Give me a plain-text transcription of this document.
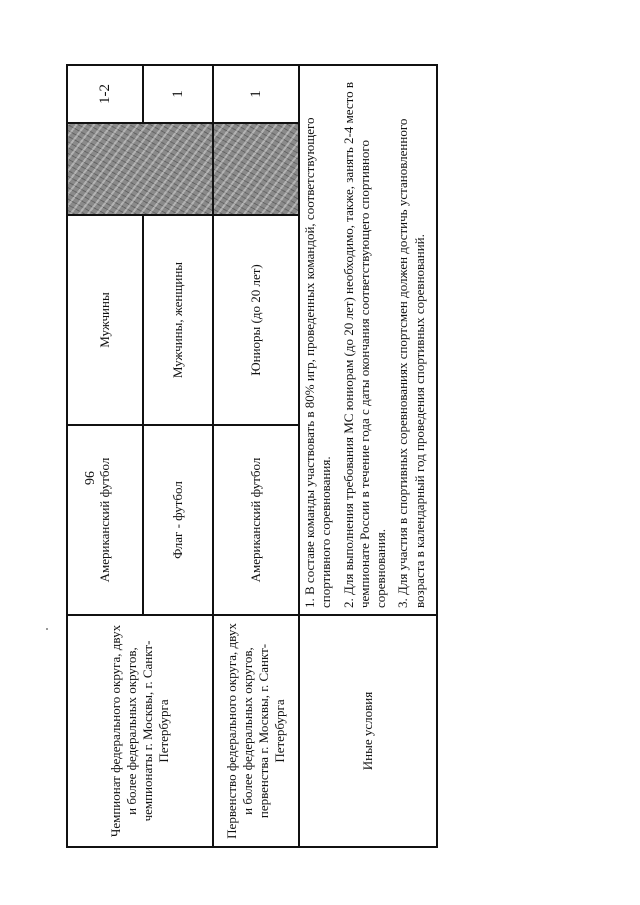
96
Чемпионат федерального округа, двух и более федеральных округов, чемпионаты г. Москвы, г. Санкт-Петербурга	Американский футбол	Мужчины		1-2
	Флаг - футбол	Мужчины, женщины		1
Первенство федерального округа, двух и более федеральных округов, первенства г. Москвы, г. Санкт-Петербурга	Американский футбол	Юниоры (до 20 лет)		1
Иные условия	1. В составе команды участвовать в 80% игр, проведенных командой, соответствующего спортивного соревнования. 2. Для выполнения требования МС юниорам (до 20 лет) необходимо, также, занять 2-4 место в чемпионате России в течение года с даты окончания соответствующего спортивного соревнования. 3. Для участия в спортивных соревнованиях спортсмен должен достичь установленного возраста в календарный год проведения спортивных соревнований.			
